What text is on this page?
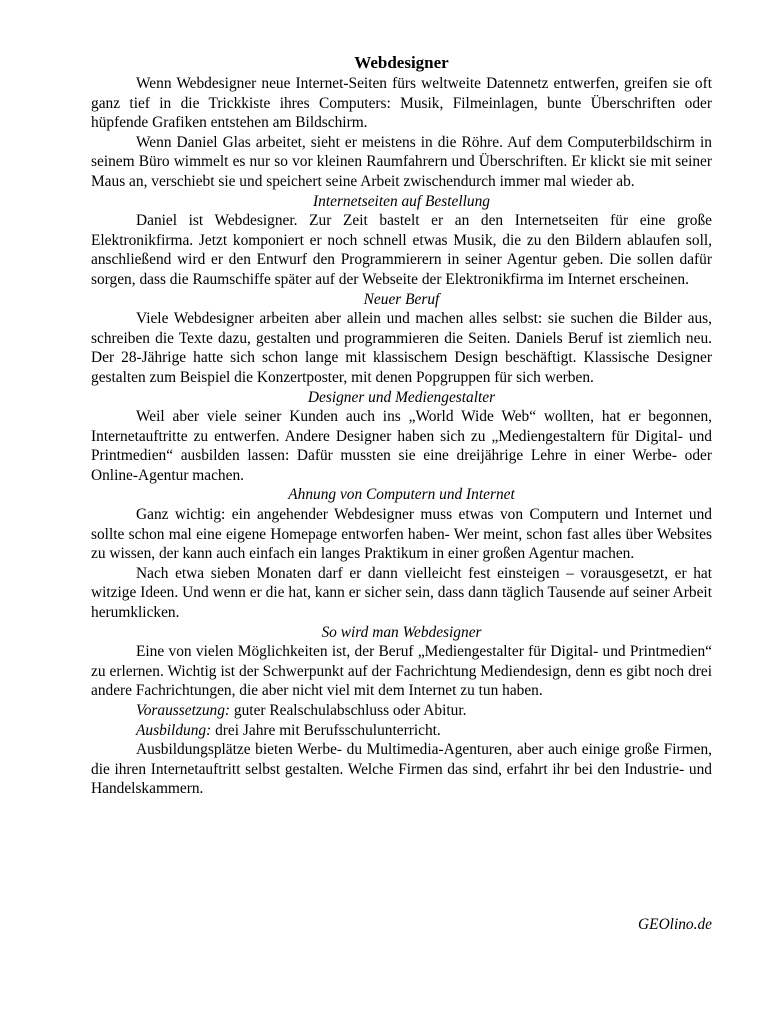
Webdesigner

Wenn Webdesigner neue Internet-Seiten fürs weltweite Datennetz entwerfen, greifen sie oft ganz tief in die Trickkiste ihres Computers: Musik, Filmeinlagen, bunte Überschriften oder hüpfende Grafiken entstehen am Bildschirm.

Wenn Daniel Glas arbeitet, sieht er meistens in die Röhre. Auf dem Computerbildschirm in seinem Büro wimmelt es nur so vor kleinen Raumfahrern und Überschriften. Er klickt sie mit seiner Maus an, verschiebt sie und speichert seine Arbeit zwischendurch immer mal wieder ab.

Internetseiten auf Bestellung

Daniel ist Webdesigner. Zur Zeit bastelt er an den Internetseiten für eine große Elektronikfirma. Jetzt komponiert er noch schnell etwas Musik, die zu den Bildern ablaufen soll, anschließend wird er den Entwurf den Programmierern in seiner Agentur geben. Die sollen dafür sorgen, dass die Raumschiffe später auf der Webseite der Elektronikfirma im Internet erscheinen.

Neuer Beruf

Viele Webdesigner arbeiten aber allein und machen alles selbst: sie suchen die Bilder aus, schreiben die Texte dazu, gestalten und programmieren die Seiten. Daniels Beruf ist ziemlich neu. Der 28-Jährige hatte sich schon lange mit klassischem Design beschäftigt. Klassische Designer gestalten zum Beispiel die Konzertposter, mit denen Popgruppen für sich werben.

Designer und Mediengestalter

Weil aber viele seiner Kunden auch ins „World Wide Web“ wollten, hat er begonnen, Internetauftritte zu entwerfen. Andere Designer haben sich zu „Mediengestaltern für Digital- und Printmedien“ ausbilden lassen: Dafür mussten sie eine dreijährige Lehre in einer Werbe- oder Online-Agentur machen.

Ahnung von Computern und Internet

Ganz wichtig: ein angehender Webdesigner muss etwas von Computern und Internet und sollte schon mal eine eigene Homepage entworfen haben- Wer meint, schon fast alles über Websites zu wissen, der kann auch einfach ein langes Praktikum in einer großen Agentur machen.

Nach etwa sieben Monaten darf er dann vielleicht fest einsteigen – vorausgesetzt, er hat witzige Ideen. Und wenn er die hat, kann er sicher sein, dass dann täglich Tausende auf seiner Arbeit herumklicken.

So wird man Webdesigner

Eine von vielen Möglichkeiten ist, der Beruf „Mediengestalter für Digital- und Printmedien“ zu erlernen. Wichtig ist der Schwerpunkt auf der Fachrichtung Mediendesign, denn es gibt noch drei andere Fachrichtungen, die aber nicht viel mit dem Internet zu tun haben.

Voraussetzung: guter Realschulabschluss oder Abitur.

Ausbildung: drei Jahre mit Berufsschulunterricht.

Ausbildungsplätze bieten Werbe- du Multimedia-Agenturen, aber auch einige große Firmen, die ihren Internetauftritt selbst gestalten. Welche Firmen das sind, erfahrt ihr bei den Industrie- und Handelskammern.

GEOlino.de
